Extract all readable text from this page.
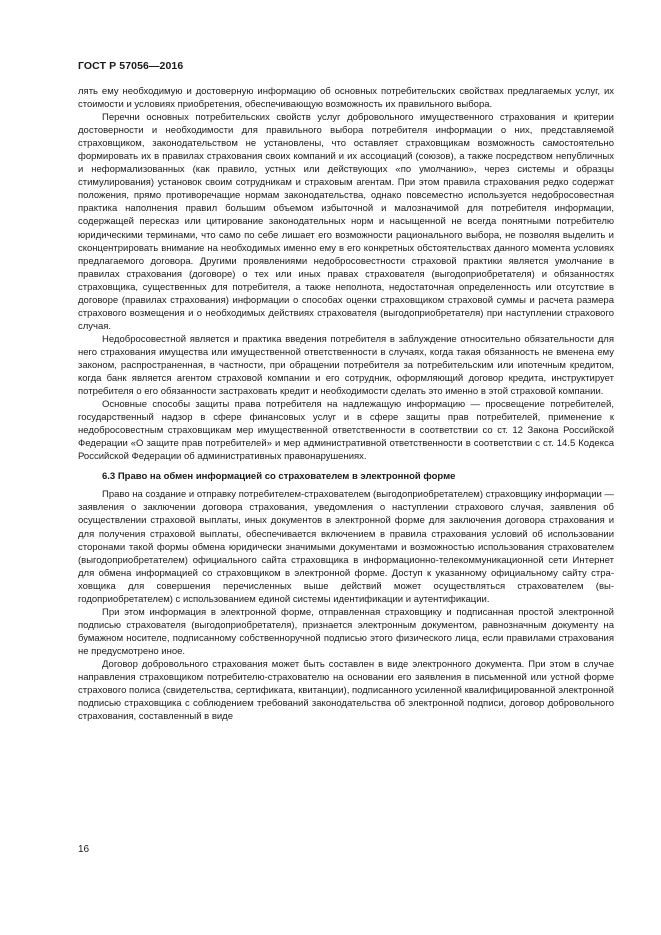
ГОСТ Р 57056—2016

лять ему необходимую и достоверную информацию об основных потребительских свойствах предлагаемых услуг, их стоимости и условиях приобретения, обеспечивающую возможность их правильного выбора.

Перечни основных потребительских свойств услуг добровольного имущественного страхования и критерии достоверности и необходимости для правильного выбора потребителя информации о них, представляемой страховщиком, законодательством не установлены, что оставляет страховщикам возможность самостоятельно формировать их в правилах страхования своих компаний и их ассоциаций (союзов), а также посредством непубличных и неформализованных (как правило, устных или действующих «по умолчанию», через системы и образцы стимулирования) установок своим сотрудникам и страховым агентам. При этом правила страхования редко содержат положения, прямо противоречащие нормам законодательства, однако повсеместно используется недобросовестная практика наполнения правил большим объемом избыточной и малозначимой для потребителя информации, содержащей пересказ или цитирование законодательных норм и насыщенной не всегда понятными потребителю юридическими терминами, что само по себе лишает его возможности рационального выбора, не позволяя выделить и сконцентрировать внимание на необходимых именно ему в его конкретных обстоятельствах данного момента условиях предлагаемого договора. Другими проявлениями недобросовестности страховой практики является умолчание в правилах страхования (договоре) о тех или иных правах страхователя (выгодоприобретателя) и обязанностях страховщика, существенных для потребителя, а также неполнота, недостаточная определенность или отсутствие в договоре (правилах страхования) информации о способах оценки страховщиком страховой суммы и расчета размера страхового возмещения и о необходимых действиях страхователя (выгодоприобретателя) при наступлении страхового случая.

Недобросовестной является и практика введения потребителя в заблуждение относительно обязательности для него страхования имущества или имущественной ответственности в случаях, когда такая обязанность не вменена ему законом, распространенная, в частности, при обращении потребителя за потребительским или ипотечным кредитом, когда банк является агентом страховой компании и его сотрудник, оформляющий договор кредита, инструктирует потребителя о его обязанности застраховать кредит и необходимости сделать это именно в этой страховой компании.

Основные способы защиты права потребителя на надлежащую информацию — просвещение потребителей, государственный надзор в сфере финансовых услуг и в сфере защиты прав потребителей, применение к недобросовестным страховщикам мер имущественной ответственности в соответствии со ст. 12 Закона Российской Федерации «О защите прав потребителей» и мер административной ответственности в соответствии с ст. 14.5 Кодекса Российской Федерации об административных правонарушениях.

6.3 Право на обмен информацией со страхователем в электронной форме

Право на создание и отправку потребителем-страхователем (выгодоприобретателем) страховщику информации — заявления о заключении договора страхования, уведомления о наступлении страхового случая, заявления об осуществлении страховой выплаты, иных документов в электронной форме для заключения договора страхования и для получения страховой выплаты, обеспечивается включением в правила страхования условий об использовании сторонами такой формы обмена юридически значимыми документами и возможностью использования страхователем (выгодоприобретателем) официального сайта страховщика в информационно-телекоммуникационной сети Интернет для обмена информацией со страховщиком в электронной форме. Доступ к указанному официальному сайту страховщика для совершения перечисленных выше действий может осуществляться страхователем (выгодоприобретателем) с использованием единой системы идентификации и аутентификации.

При этом информация в электронной форме, отправленная страховщику и подписанная простой электронной подписью страхователя (выгодоприобретателя), признается электронным документом, равнозначным документу на бумажном носителе, подписанному собственноручной подписью этого физического лица, если правилами страхования не предусмотрено иное.

Договор добровольного страхования может быть составлен в виде электронного документа. При этом в случае направления страховщиком потребителю-страхователю на основании его заявления в письменной или устной форме страхового полиса (свидетельства, сертификата, квитанции), подписанного усиленной квалифицированной электронной подписью страховщика с соблюдением требований законодательства об электронной подписи, договор добровольного страхования, составленный в виде

16
